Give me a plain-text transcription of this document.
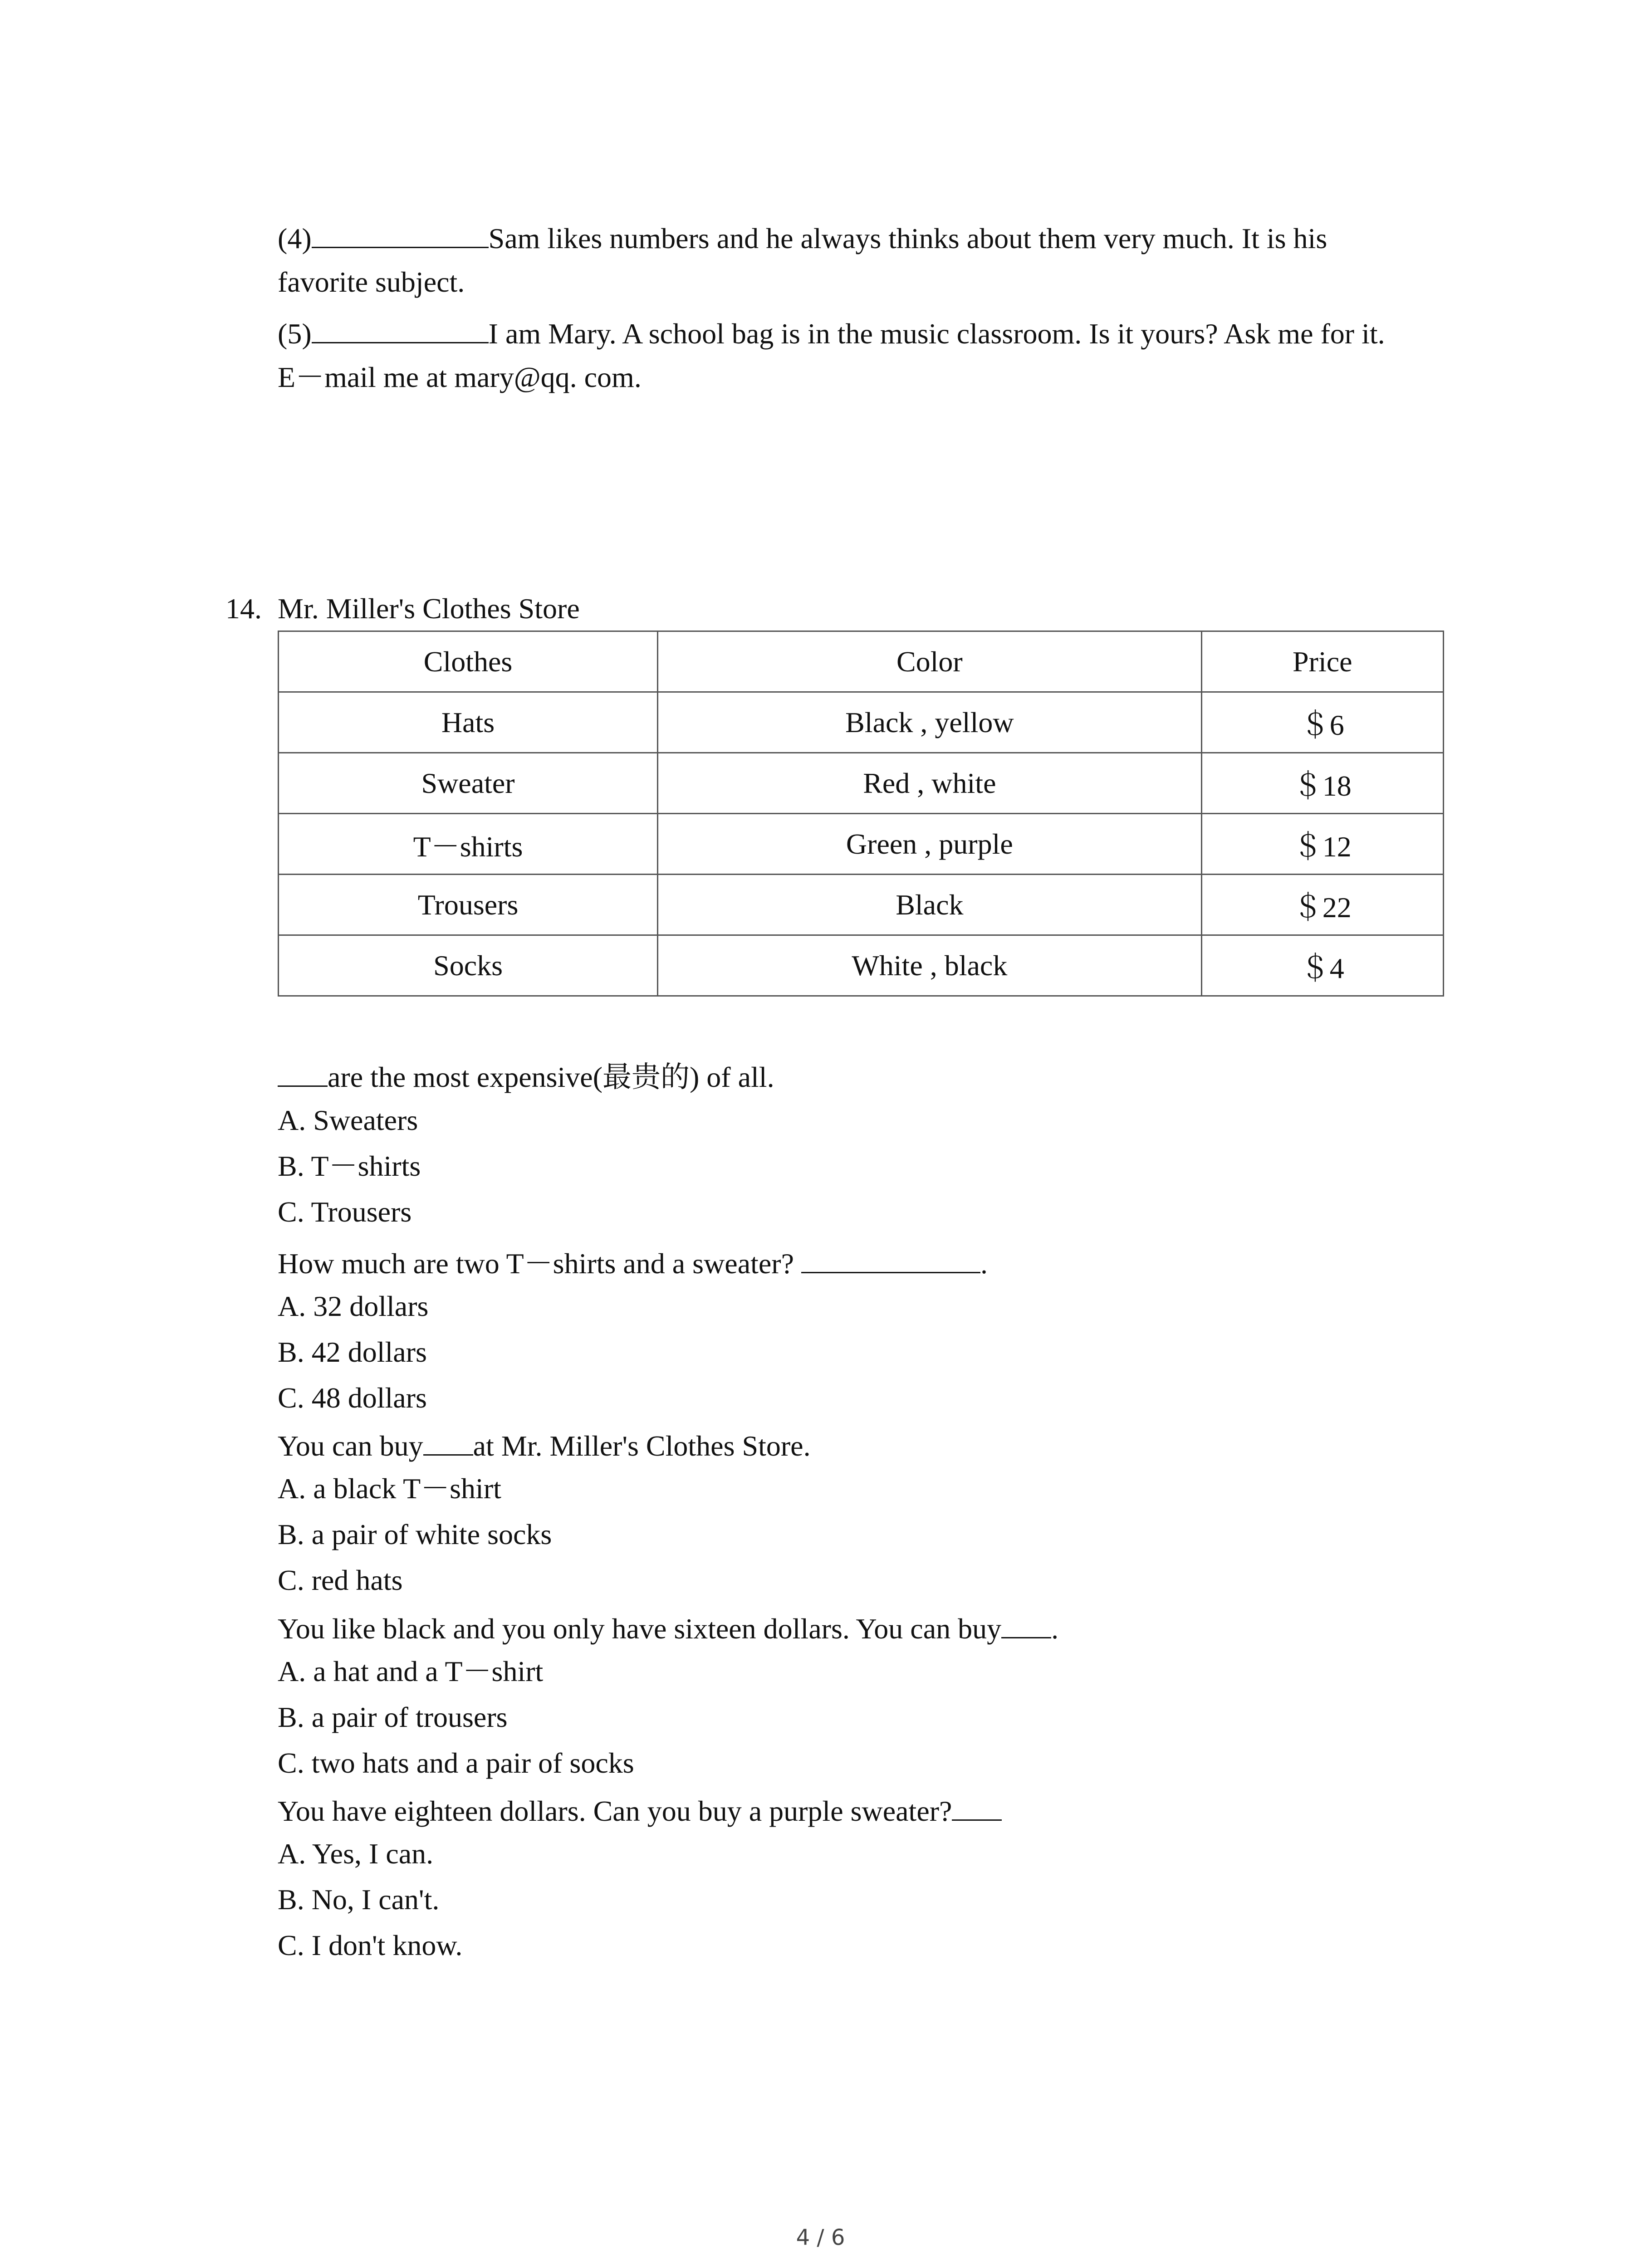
(4)	Sam likes numbers and he always thinks about them very much. It is his
favorite subject.
(5)	I am Mary. A school bag is in the music classroom. Is it yours? Ask me for it.
E－mail me at mary@qq. com.
14. Mr. Miller's Clothes Store
Clothes	Color	Price
Hats	Black , yellow	＄6
Sweater	Red , white	＄18
T－shirts	Green , purple	＄12
Trousers	Black	＄22
Socks	White , black	＄4
are the most expensive(最贵的) of all.
A. Sweaters
B. T－shirts
C. Trousers
How much are two T－shirts and a sweater?	.
A. 32 dollars
B. 42 dollars
C. 48 dollars
You can buy at Mr. Miller's Clothes Store.
A. a black T－shirt
B. a pair of white socks
C. red hats
You like black and you only have sixteen dollars. You can buy .
A. a hat and a T－shirt
B. a pair of trousers
C. two hats and a pair of socks
You have eighteen dollars. Can you buy a purple sweater?
A. Yes, I can.
B. No, I can't.
C. I don't know.
4 / 6
